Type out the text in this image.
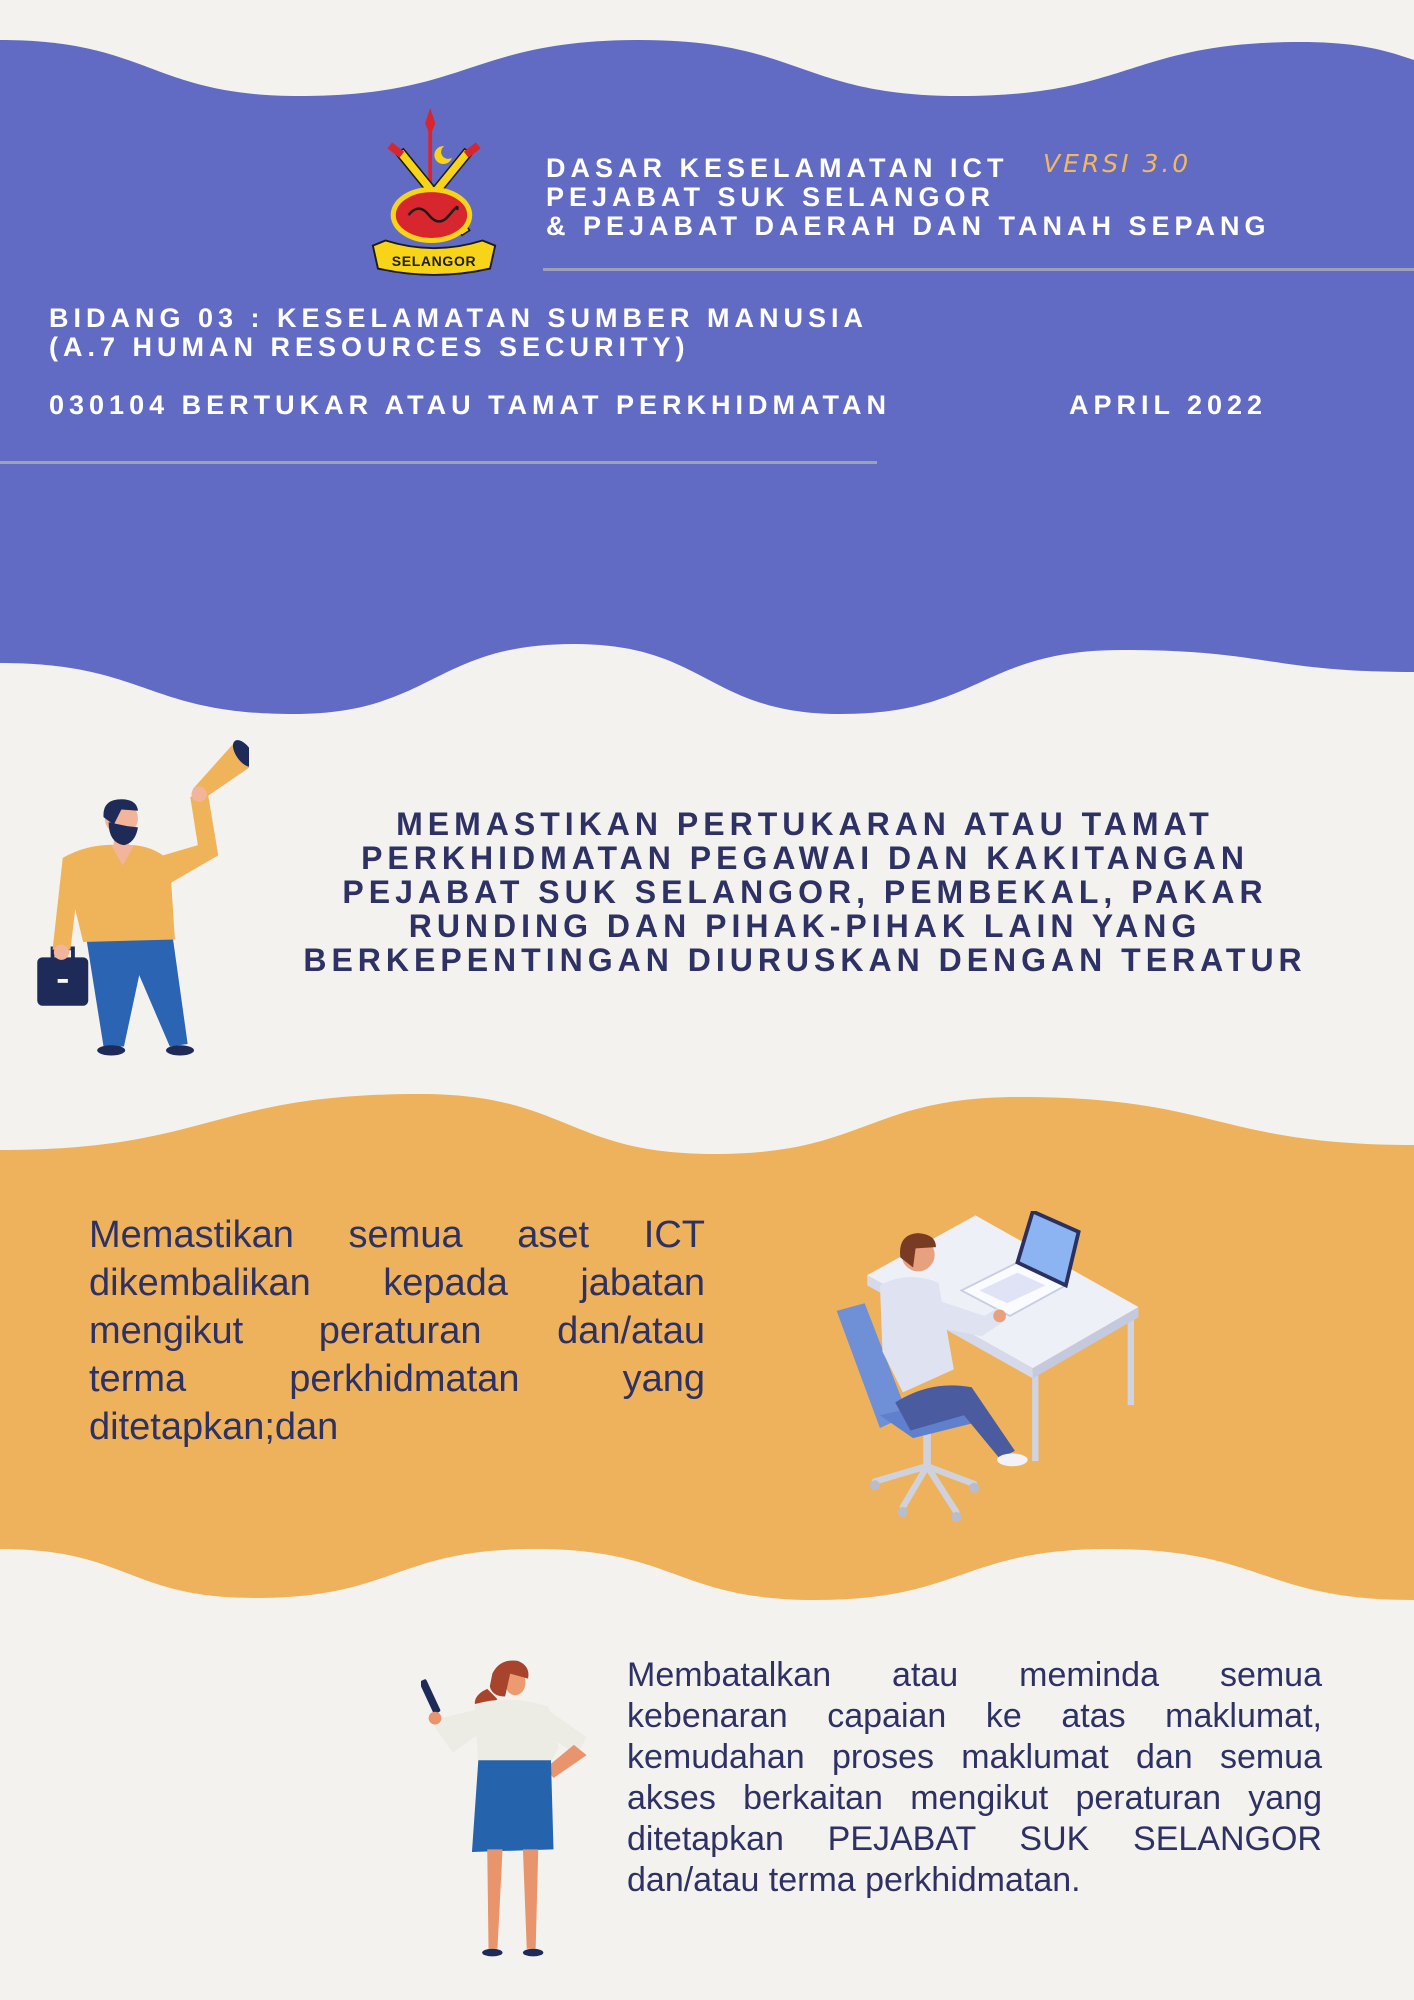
SELANGOR
DASAR KESELAMATAN ICT
PEJABAT SUK SELANGOR
& PEJABAT DAERAH DAN TANAH SEPANG
VERSI 3.0
BIDANG 03 : KESELAMATAN SUMBER MANUSIA
(A.7 HUMAN RESOURCES SECURITY)
030104 BERTUKAR ATAU TAMAT PERKHIDMATAN	APRIL 2022
MEMASTIKAN PERTUKARAN ATAU TAMAT
PERKHIDMATAN PEGAWAI DAN KAKITANGAN
PEJABAT SUK SELANGOR, PEMBEKAL, PAKAR
RUNDING DAN PIHAK-PIHAK LAIN YANG
BERKEPENTINGAN DIURUSKAN DENGAN TERATUR
Memastikan semua aset ICT
dikembalikan kepada jabatan
mengikut peraturan dan/atau
terma perkhidmatan yang
ditetapkan;dan
Membatalkan atau meminda semua
kebenaran capaian ke atas maklumat,
kemudahan proses maklumat dan semua
akses berkaitan mengikut peraturan yang
ditetapkan PEJABAT SUK SELANGOR
dan/atau terma perkhidmatan.
